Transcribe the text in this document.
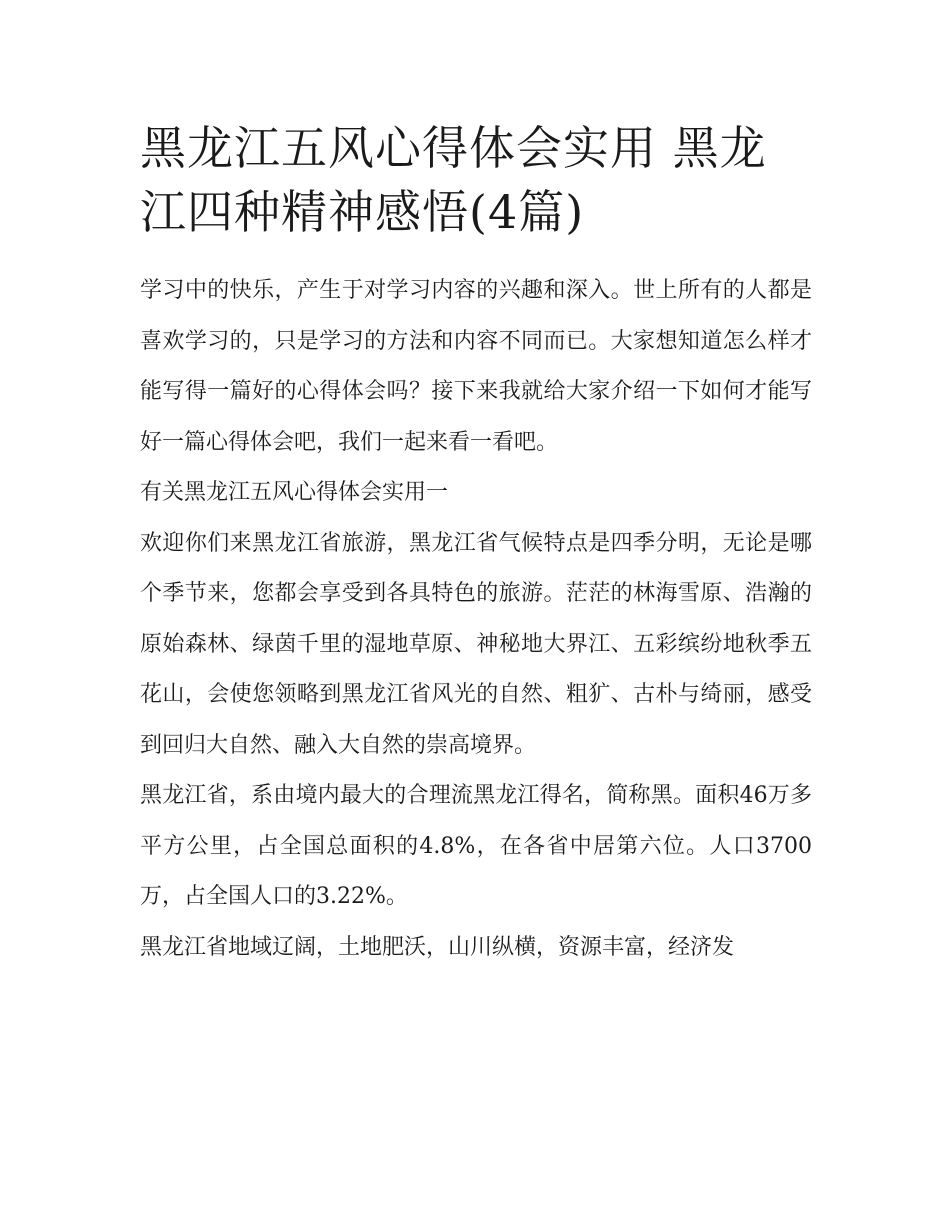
黑龙江五风心得体会实用 黑龙江四种精神感悟(4篇)

学习中的快乐，产生于对学习内容的兴趣和深入。世上所有的人都是喜欢学习的，只是学习的方法和内容不同而已。大家想知道怎么样才能写得一篇好的心得体会吗？接下来我就给大家介绍一下如何才能写好一篇心得体会吧，我们一起来看一看吧。

有关黑龙江五风心得体会实用一

欢迎你们来黑龙江省旅游，黑龙江省气候特点是四季分明，无论是哪个季节来，您都会享受到各具特色的旅游。茫茫的林海雪原、浩瀚的原始森林、绿茵千里的湿地草原、神秘地大界江、五彩缤纷地秋季五花山，会使您领略到黑龙江省风光的自然、粗犷、古朴与绮丽，感受到回归大自然、融入大自然的崇高境界。

黑龙江省，系由境内最大的合理流黑龙江得名，简称黑。面积46万多平方公里，占全国总面积的4.8%，在各省中居第六位。人口3700万，占全国人口的3.22%。

黑龙江省地域辽阔，土地肥沃，山川纵横，资源丰富，经济发
